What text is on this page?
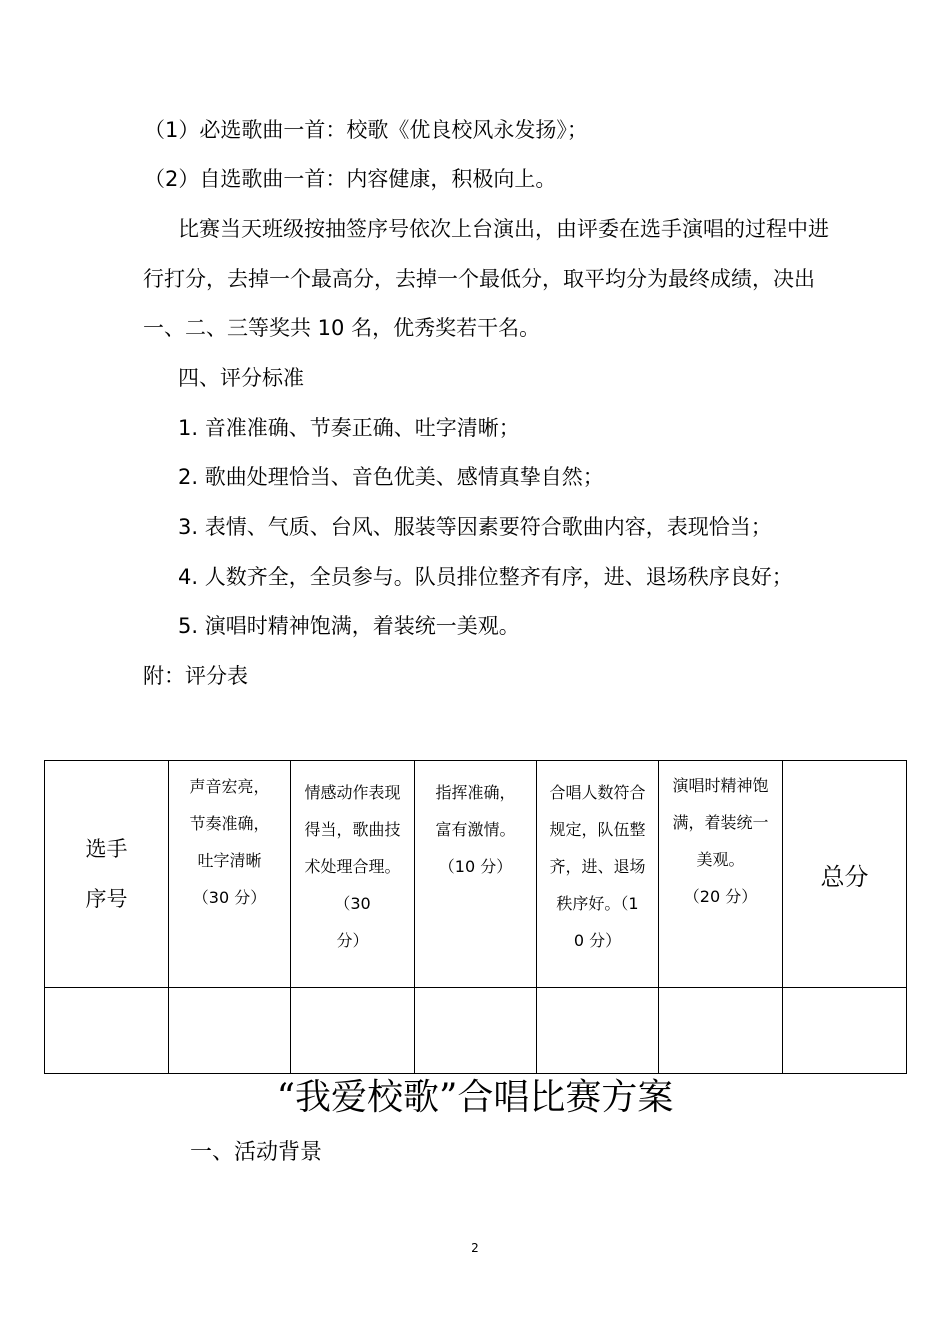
（1）必选歌曲一首：校歌《优良校风永发扬》；
（2）自选歌曲一首：内容健康，积极向上。
比赛当天班级按抽签序号依次上台演出，由评委在选手演唱的过程中进
行打分，去掉一个最高分，去掉一个最低分，取平均分为最终成绩，决出
一、二、三等奖共 10 名，优秀奖若干名。
四、评分标准
1. 音准准确、节奏正确、吐字清晰；
2. 歌曲处理恰当、音色优美、感情真挚自然；
3. 表情、气质、台风、服装等因素要符合歌曲内容，表现恰当；
4. 人数齐全，全员参与。队员排位整齐有序，进、退场秩序良好；
5. 演唱时精神饱满，着装统一美观。
附：评分表
选手
序号	声音宏亮，
节奏准确，
吐字清晰
（30 分）	情感动作表现
得当，歌曲技
术处理合理。
（30
分）	指挥准确，
富有激情。
（10 分）	合唱人数符合
规定，队伍整
齐，进、退场
秩序好。（1
0 分）	演唱时精神饱
满，着装统一
美观。
（20 分）	总分

“我爱校歌”合唱比赛方案
一、活动背景
2
